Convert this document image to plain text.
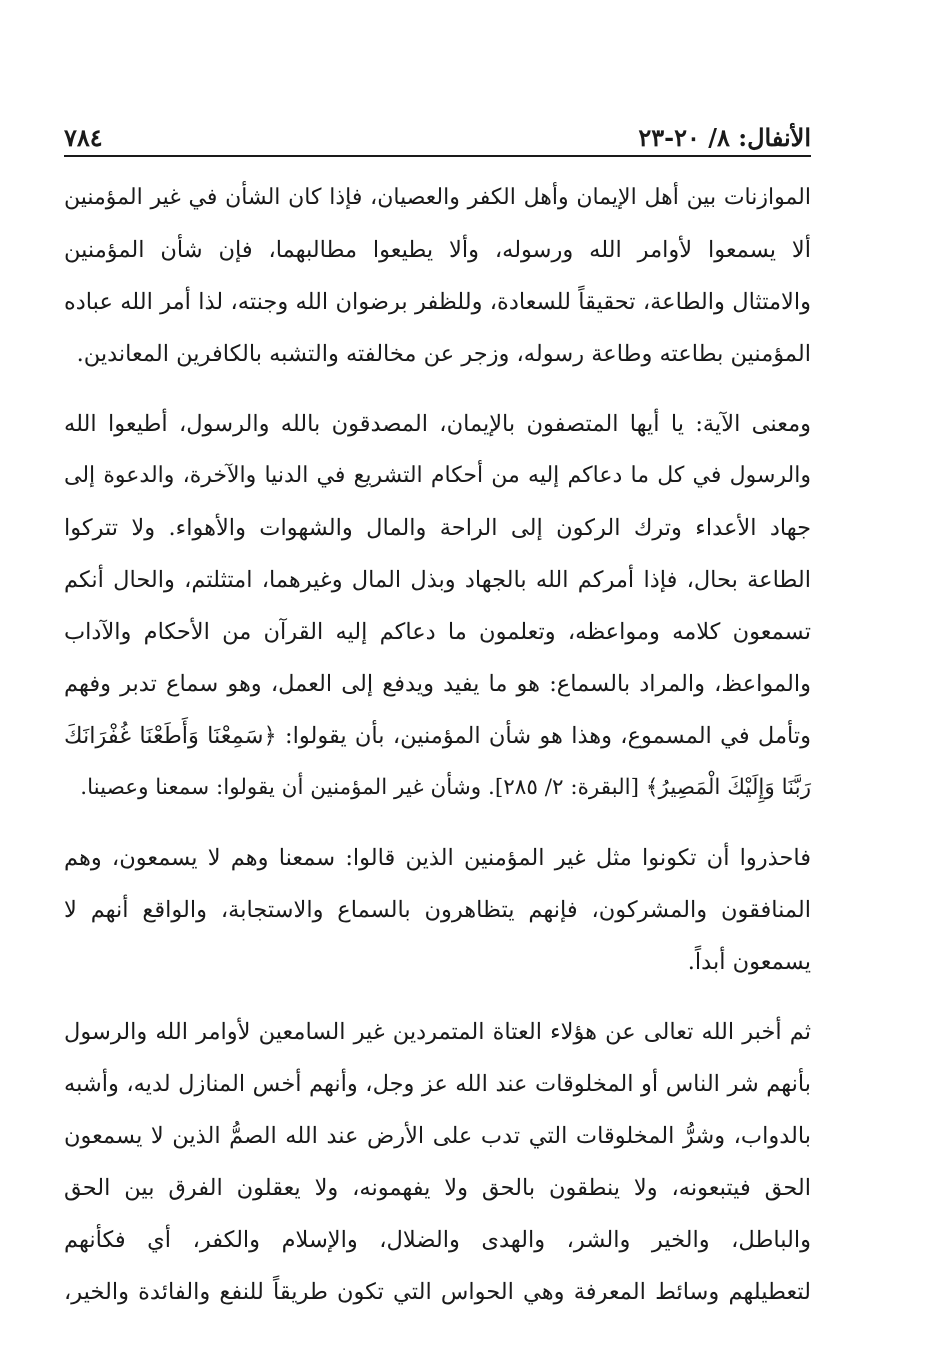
الأنفال: ٨/ ٢٠-٢٣
٧٨٤
الموازنات بين أهل الإيمان وأهل الكفر والعصيان، فإذا كان الشأن في غير المؤمنين
ألا يسمعوا لأوامر الله ورسوله، وألا يطيعوا مطالبهما، فإن شأن المؤمنين
والامتثال والطاعة، تحقيقاً للسعادة، وللظفر برضوان الله وجنته، لذا أمر الله عباده
المؤمنين بطاعته وطاعة رسوله، وزجر عن مخالفته والتشبه بالكافرين المعاندين.
ومعنى الآية: يا أيها المتصفون بالإيمان، المصدقون بالله والرسول، أطيعوا الله
والرسول في كل ما دعاكم إليه من أحكام التشريع في الدنيا والآخرة، والدعوة إلى
جهاد الأعداء وترك الركون إلى الراحة والمال والشهوات والأهواء. ولا تتركوا
الطاعة بحال، فإذا أمركم الله بالجهاد وبذل المال وغيرهما، امتثلتم، والحال أنكم
تسمعون كلامه ومواعظه، وتعلمون ما دعاكم إليه القرآن من الأحكام والآداب
والمواعظ، والمراد بالسماع: هو ما يفيد ويدفع إلى العمل، وهو سماع تدبر وفهم
وتأمل في المسموع، وهذا هو شأن المؤمنين، بأن يقولوا: ﴿سَمِعْنَا وَأَطَعْنَا غُفْرَانَكَ
رَبَّنَا وَإِلَيْكَ الْمَصِيرُ﴾ [البقرة: ٢/ ٢٨٥]. وشأن غير المؤمنين أن يقولوا: سمعنا وعصينا.
فاحذروا أن تكونوا مثل غير المؤمنين الذين قالوا: سمعنا وهم لا يسمعون، وهم
المنافقون والمشركون، فإنهم يتظاهرون بالسماع والاستجابة، والواقع أنهم لا
يسمعون أبداً.
ثم أخبر الله تعالى عن هؤلاء العتاة المتمردين غير السامعين لأوامر الله والرسول
بأنهم شر الناس أو المخلوقات عند الله عز وجل، وأنهم أخس المنازل لديه، وأشبه
بالدواب، وشرُّ المخلوقات التي تدب على الأرض عند الله الصمُّ الذين لا يسمعون
الحق فيتبعونه، ولا ينطقون بالحق ولا يفهمونه، ولا يعقلون الفرق بين الحق
والباطل، والخير والشر، والهدى والضلال، والإسلام والكفر، أي فكأنهم
لتعطيلهم وسائط المعرفة وهي الحواس التي تكون طريقاً للنفع والفائدة والخير،
